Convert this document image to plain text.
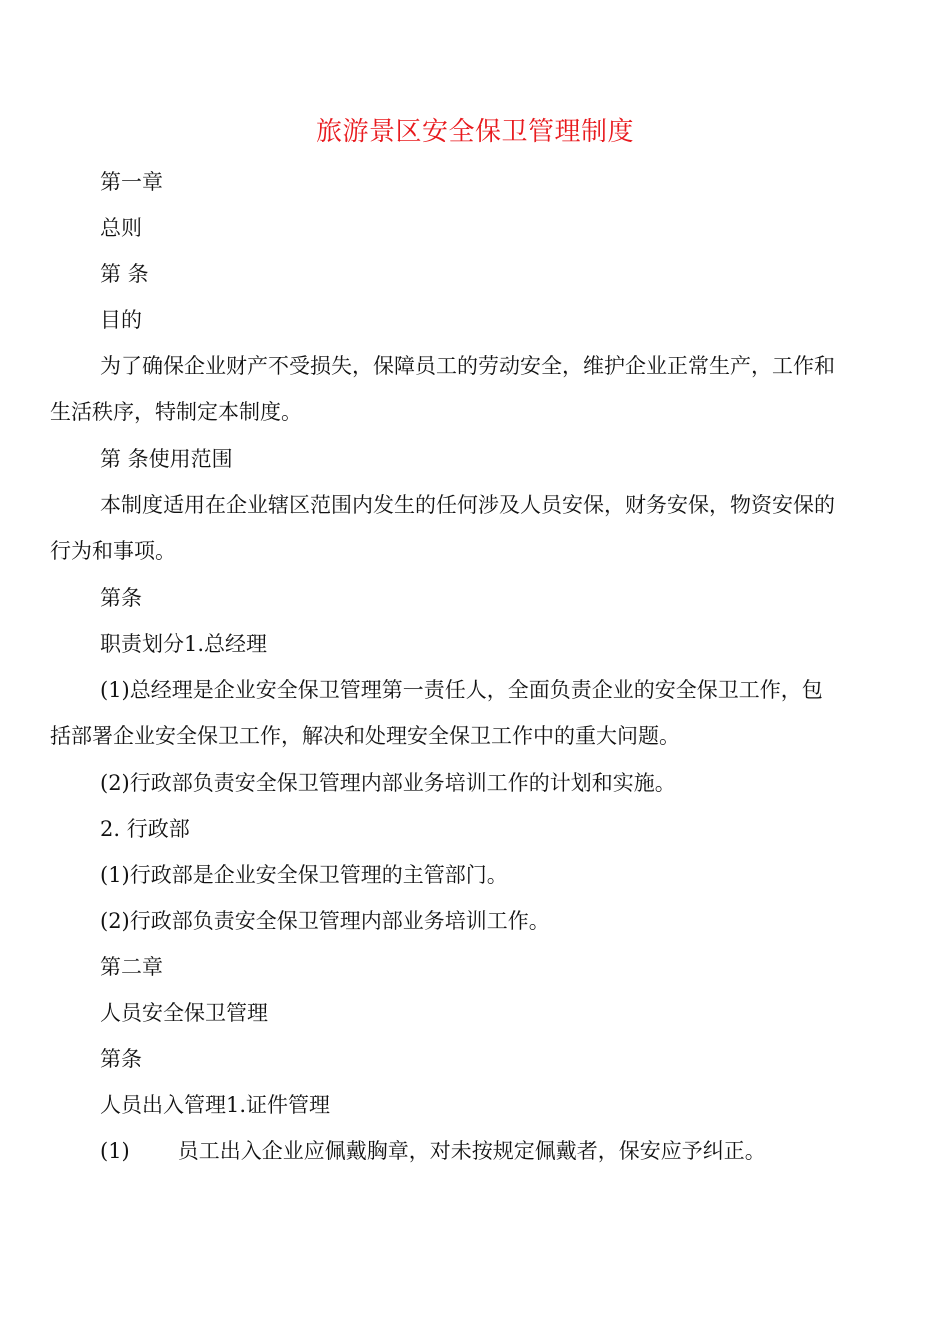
旅游景区安全保卫管理制度

第一章

总则

第 条

目的

为了确保企业财产不受损失，保障员工的劳动安全，维护企业正常生产，工作和
生活秩序，特制定本制度。

第 条使用范围

本制度适用在企业辖区范围内发生的任何涉及人员安保，财务安保，物资安保的
行为和事项。

第条

职责划分1.总经理

(1)总经理是企业安全保卫管理第一责任人，全面负责企业的安全保卫工作，包
括部署企业安全保卫工作，解决和处理安全保卫工作中的重大问题。

(2)行政部负责安全保卫管理内部业务培训工作的计划和实施。

2. 行政部

(1)行政部是企业安全保卫管理的主管部门。

(2)行政部负责安全保卫管理内部业务培训工作。

第二章

人员安全保卫管理

第条

人员出入管理1.证件管理

(1) 员工出入企业应佩戴胸章，对未按规定佩戴者，保安应予纠正。
